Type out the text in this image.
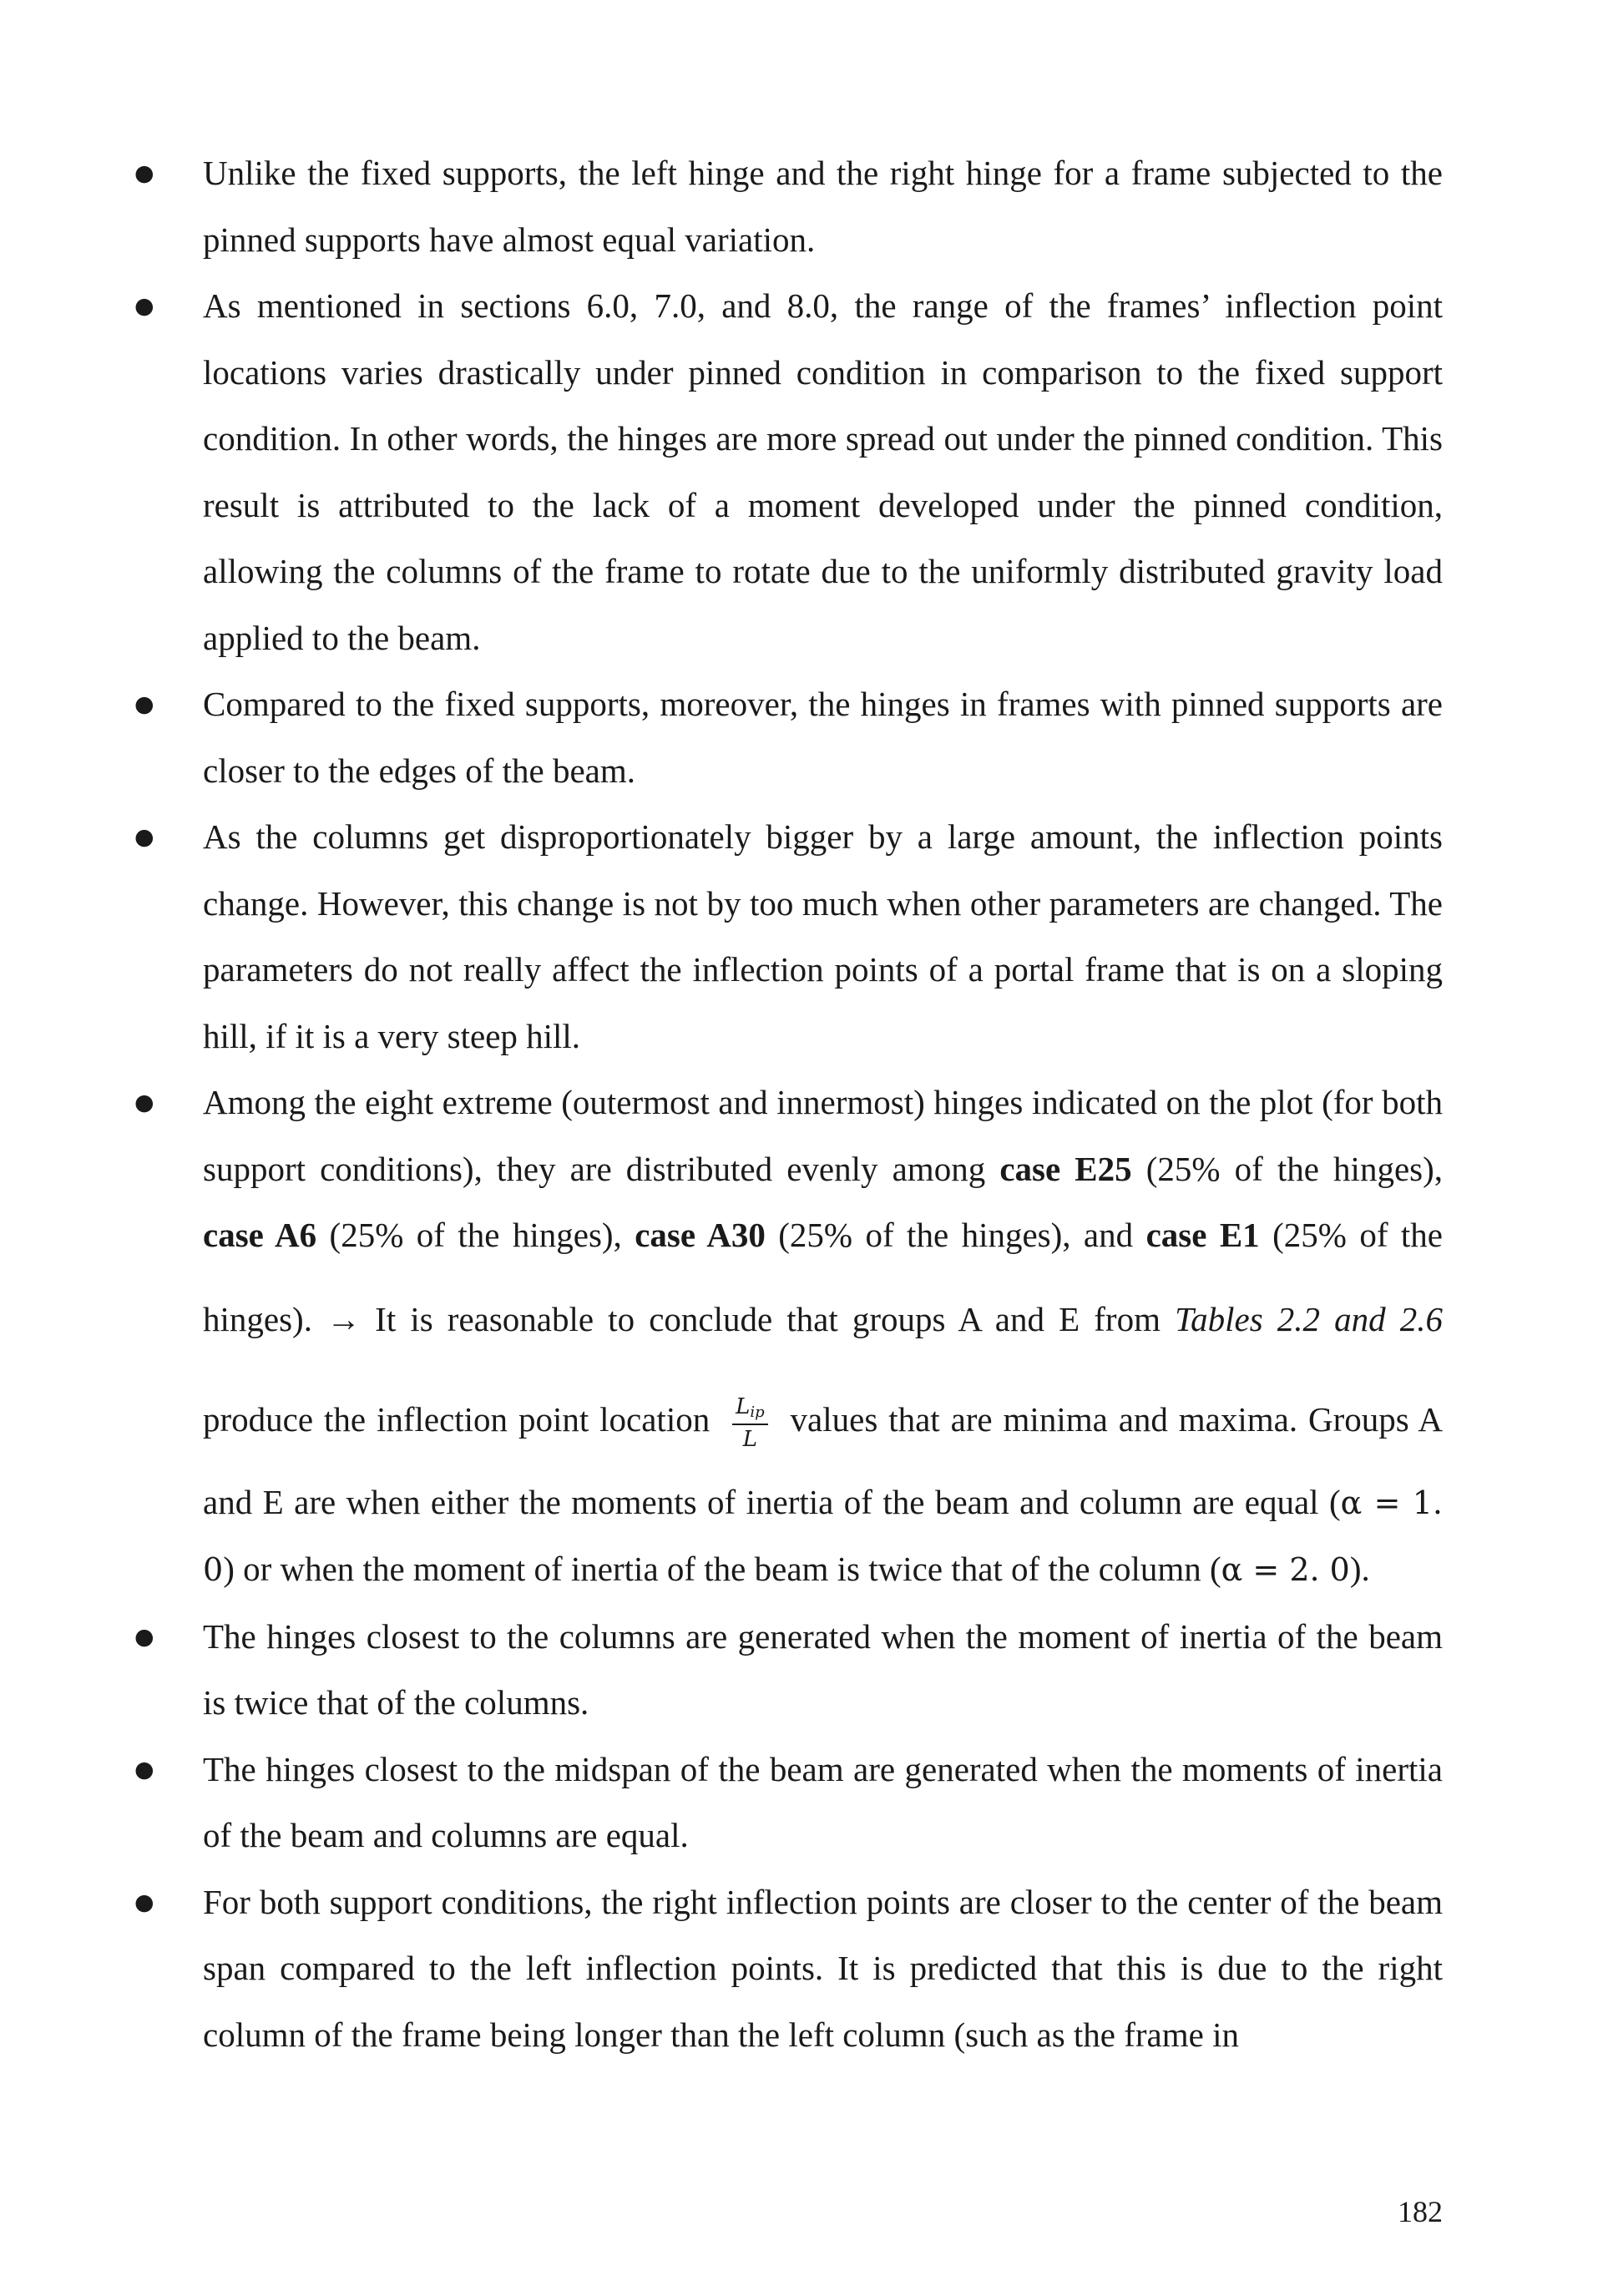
● Unlike the fixed supports, the left hinge and the right hinge for a frame subjected to the pinned supports have almost equal variation.
● As mentioned in sections 6.0, 7.0, and 8.0, the range of the frames’ inflection point locations varies drastically under pinned condition in comparison to the fixed support condition. In other words, the hinges are more spread out under the pinned condition. This result is attributed to the lack of a moment developed under the pinned condition, allowing the columns of the frame to rotate due to the uniformly distributed gravity load applied to the beam.
● Compared to the fixed supports, moreover, the hinges in frames with pinned supports are closer to the edges of the beam.
● As the columns get disproportionately bigger by a large amount, the inflection points change. However, this change is not by too much when other parameters are changed. The parameters do not really affect the inflection points of a portal frame that is on a sloping hill, if it is a very steep hill.
● Among the eight extreme (outermost and innermost) hinges indicated on the plot (for both support conditions), they are distributed evenly among case E25 (25% of the hinges), case A6 (25% of the hinges), case A30 (25% of the hinges), and case E1 (25% of the hinges). → It is reasonable to conclude that groups A and E from Tables 2.2 and 2.6 produce the inflection point location $\frac{L_{ip}}{L}$ values that are minima and maxima. Groups A and E are when either the moments of inertia of the beam and column are equal (α = 1. 0) or when the moment of inertia of the beam is twice that of the column (α = 2. 0).
● The hinges closest to the columns are generated when the moment of inertia of the beam is twice that of the columns.
● The hinges closest to the midspan of the beam are generated when the moments of inertia of the beam and columns are equal.
● For both support conditions, the right inflection points are closer to the center of the beam span compared to the left inflection points. It is predicted that this is due to the right column of the frame being longer than the left column (such as the frame in
182
